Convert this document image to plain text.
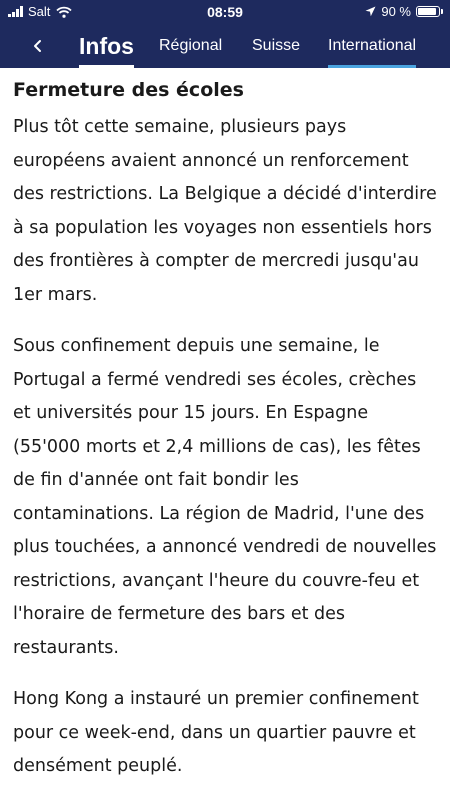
Salt	08:59	90 %
Infos Régional Suisse International
Fermeture des écoles

Plus tôt cette semaine, plusieurs pays européens avaient annoncé un renforcement des restrictions. La Belgique a décidé d'interdire à sa population les voyages non essentiels hors des frontières à compter de mercredi jusqu'au 1er mars.

Sous confinement depuis une semaine, le Portugal a fermé vendredi ses écoles, crèches et universités pour 15 jours. En Espagne (55'000 morts et 2,4 millions de cas), les fêtes de fin d'année ont fait bondir les contaminations. La région de Madrid, l'une des plus touchées, a annoncé vendredi de nouvelles restrictions, avançant l'heure du couvre-feu et l'horaire de fermeture des bars et des restaurants.

Hong Kong a instauré un premier confinement pour ce week-end, dans un quartier pauvre et densément peuplé.
